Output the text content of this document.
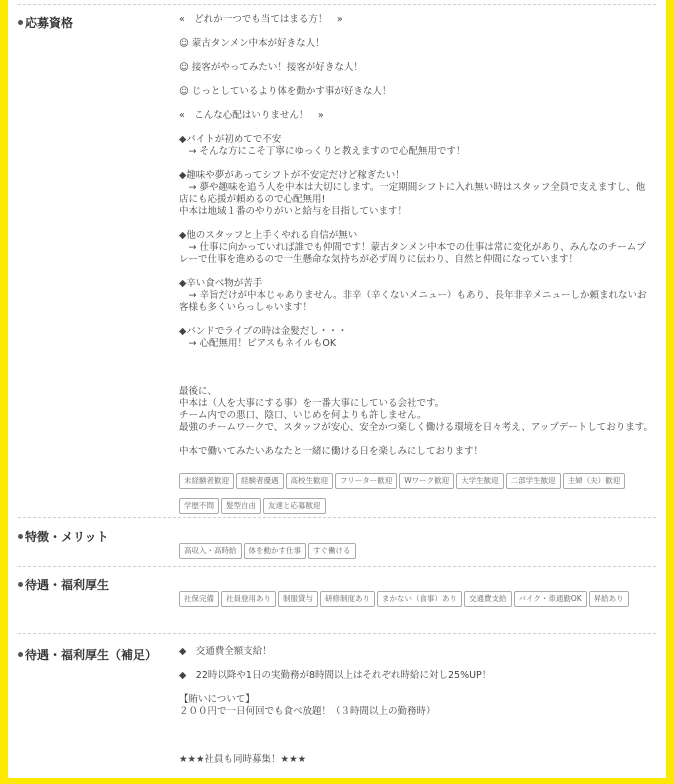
応募資格	«　どれか一つでも当てはまる方！　»

☺ 蒙古タンメン中本が好きな人！

☺ 接客がやってみたい！接客が好きな人！

☺ じっとしているより体を動かす事が好きな人！

«　こんな心配はいりません！　»

◆バイトが初めてで不安
　→ そんな方にこそ丁寧にゆっくりと教えますので心配無用です！

◆趣味や夢があってシフトが不安定だけど稼ぎたい！
　→ 夢や趣味を追う人を中本は大切にします。一定期間シフトに入れ無い時はスタッフ全員で支えますし、他店にも応援が頼めるので心配無用!
中本は地域１番のやりがいと給与を目指しています！

◆他のスタッフと上手くやれる自信が無い
　→ 仕事に向かっていれば誰でも仲間です！蒙古タンメン中本での仕事は常に変化があり、みんなのチームプレーで仕事を進めるので一生懸命な気持ちが必ず周りに伝わり、自然と仲間になっています！

◆辛い食べ物が苦手
　→ 辛旨だけが中本じゃありません。非辛（辛くないメニュー）もあり、長年非辛メニューしか頼まれないお客様も多くいらっしゃいます！

◆バンドでライブの時は金髪だし・・・
　→ 心配無用！ピアスもネイルもOK

最後に、
中本は（人を大事にする事）を一番大事にしている会社です。
チーム内での悪口、陰口、いじめを何よりも許しません。
最強のチームワークで、スタッフが安心、安全かつ楽しく働ける環境を日々考え、アップデートしております。

中本で働いてみたいあなたと一緒に働ける日を楽しみにしております！

未経験者歓迎 経験者優遇 高校生歓迎 フリーター歓迎 Wワーク歓迎 大学生歓迎 二部学生歓迎 主婦（夫）歓迎学歴不問 髪型自由 友達と応募歓迎
特徴・メリット
高収入・高時給 体を動かす仕事 すぐ働ける
待遇・福利厚生
社保完備 社員登用あり 制服貸与 研修制度あり まかない（食事）あり 交通費支給 バイク・車通勤OK 昇給あり
待遇・福利厚生（補足） ◆　交通費全額支給！

◆　22時以降や1日の実勤務が8時間以上はそれぞれ時給に対し25%UP！

【賄いについて】
２００円で一日何回でも食べ放題！（３時間以上の勤務時）

★★★社員も同時募集！★★★
